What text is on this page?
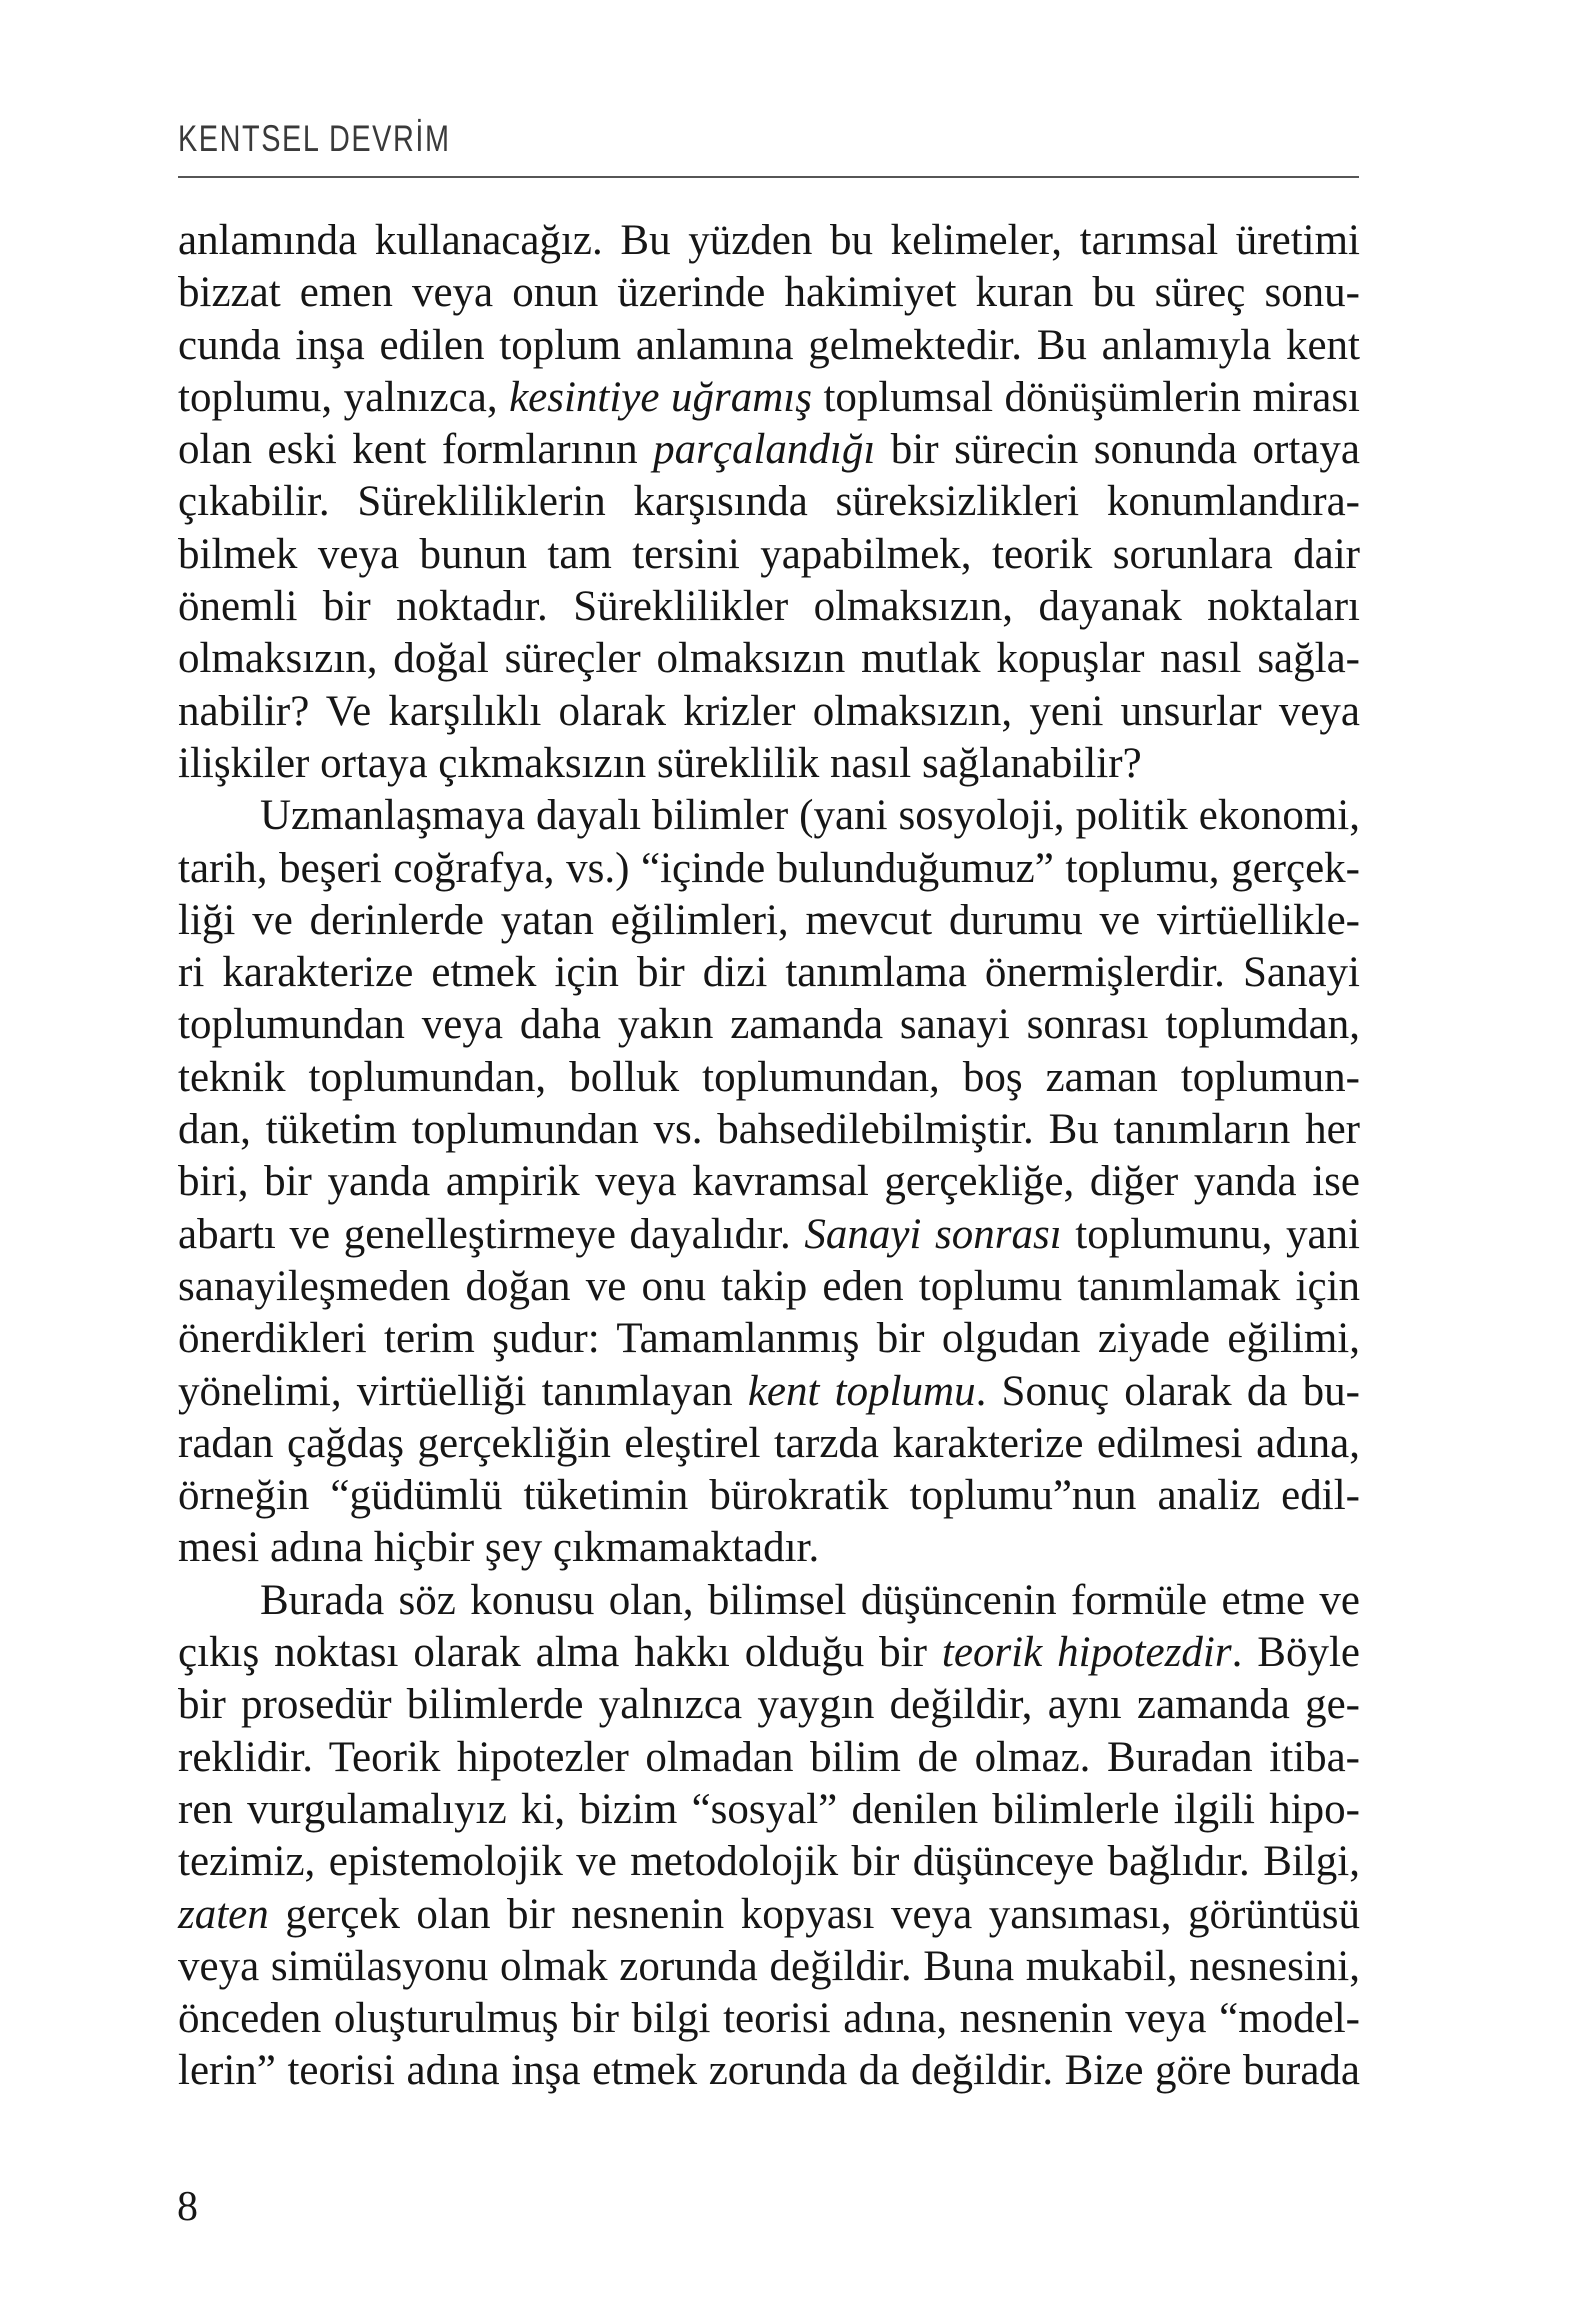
KENTSEL DEVRİM
anlamında kullanacağız. Bu yüzden bu kelimeler, tarımsal üretimi
bizzat emen veya onun üzerinde hakimiyet kuran bu süreç sonu-
cunda inşa edilen toplum anlamına gelmektedir. Bu anlamıyla kent
toplumu, yalnızca, kesintiye uğramış toplumsal dönüşümlerin mirası
olan eski kent formlarının parçalandığı bir sürecin sonunda ortaya
çıkabilir. Sürekliliklerin karşısında süreksizlikleri konumlandıra-
bilmek veya bunun tam tersini yapabilmek, teorik sorunlara dair
önemli bir noktadır. Süreklilikler olmaksızın, dayanak noktaları
olmaksızın, doğal süreçler olmaksızın mutlak kopuşlar nasıl sağla-
nabilir? Ve karşılıklı olarak krizler olmaksızın, yeni unsurlar veya
ilişkiler ortaya çıkmaksızın süreklilik nasıl sağlanabilir?
Uzmanlaşmaya dayalı bilimler (yani sosyoloji, politik ekonomi,
tarih, beşeri coğrafya, vs.) “içinde bulunduğumuz” toplumu, gerçek-
liği ve derinlerde yatan eğilimleri, mevcut durumu ve virtüellikle-
ri karakterize etmek için bir dizi tanımlama önermişlerdir. Sanayi
toplumundan veya daha yakın zamanda sanayi sonrası toplumdan,
teknik toplumundan, bolluk toplumundan, boş zaman toplumun-
dan, tüketim toplumundan vs. bahsedilebilmiştir. Bu tanımların her
biri, bir yanda ampirik veya kavramsal gerçekliğe, diğer yanda ise
abartı ve genelleştirmeye dayalıdır. Sanayi sonrası toplumunu, yani
sanayileşmeden doğan ve onu takip eden toplumu tanımlamak için
önerdikleri terim şudur: Tamamlanmış bir olgudan ziyade eğilimi,
yönelimi, virtüelliği tanımlayan kent toplumu. Sonuç olarak da bu-
radan çağdaş gerçekliğin eleştirel tarzda karakterize edilmesi adına,
örneğin “güdümlü tüketimin bürokratik toplumu”nun analiz edil-
mesi adına hiçbir şey çıkmamaktadır.
Burada söz konusu olan, bilimsel düşüncenin formüle etme ve
çıkış noktası olarak alma hakkı olduğu bir teorik hipotezdir. Böyle
bir prosedür bilimlerde yalnızca yaygın değildir, aynı zamanda ge-
reklidir. Teorik hipotezler olmadan bilim de olmaz. Buradan itiba-
ren vurgulamalıyız ki, bizim “sosyal” denilen bilimlerle ilgili hipo-
tezimiz, epistemolojik ve metodolojik bir düşünceye bağlıdır. Bilgi,
zaten gerçek olan bir nesnenin kopyası veya yansıması, görüntüsü
veya simülasyonu olmak zorunda değildir. Buna mukabil, nesnesini,
önceden oluşturulmuş bir bilgi teorisi adına, nesnenin veya “model-
lerin” teorisi adına inşa etmek zorunda da değildir. Bize göre burada
8
